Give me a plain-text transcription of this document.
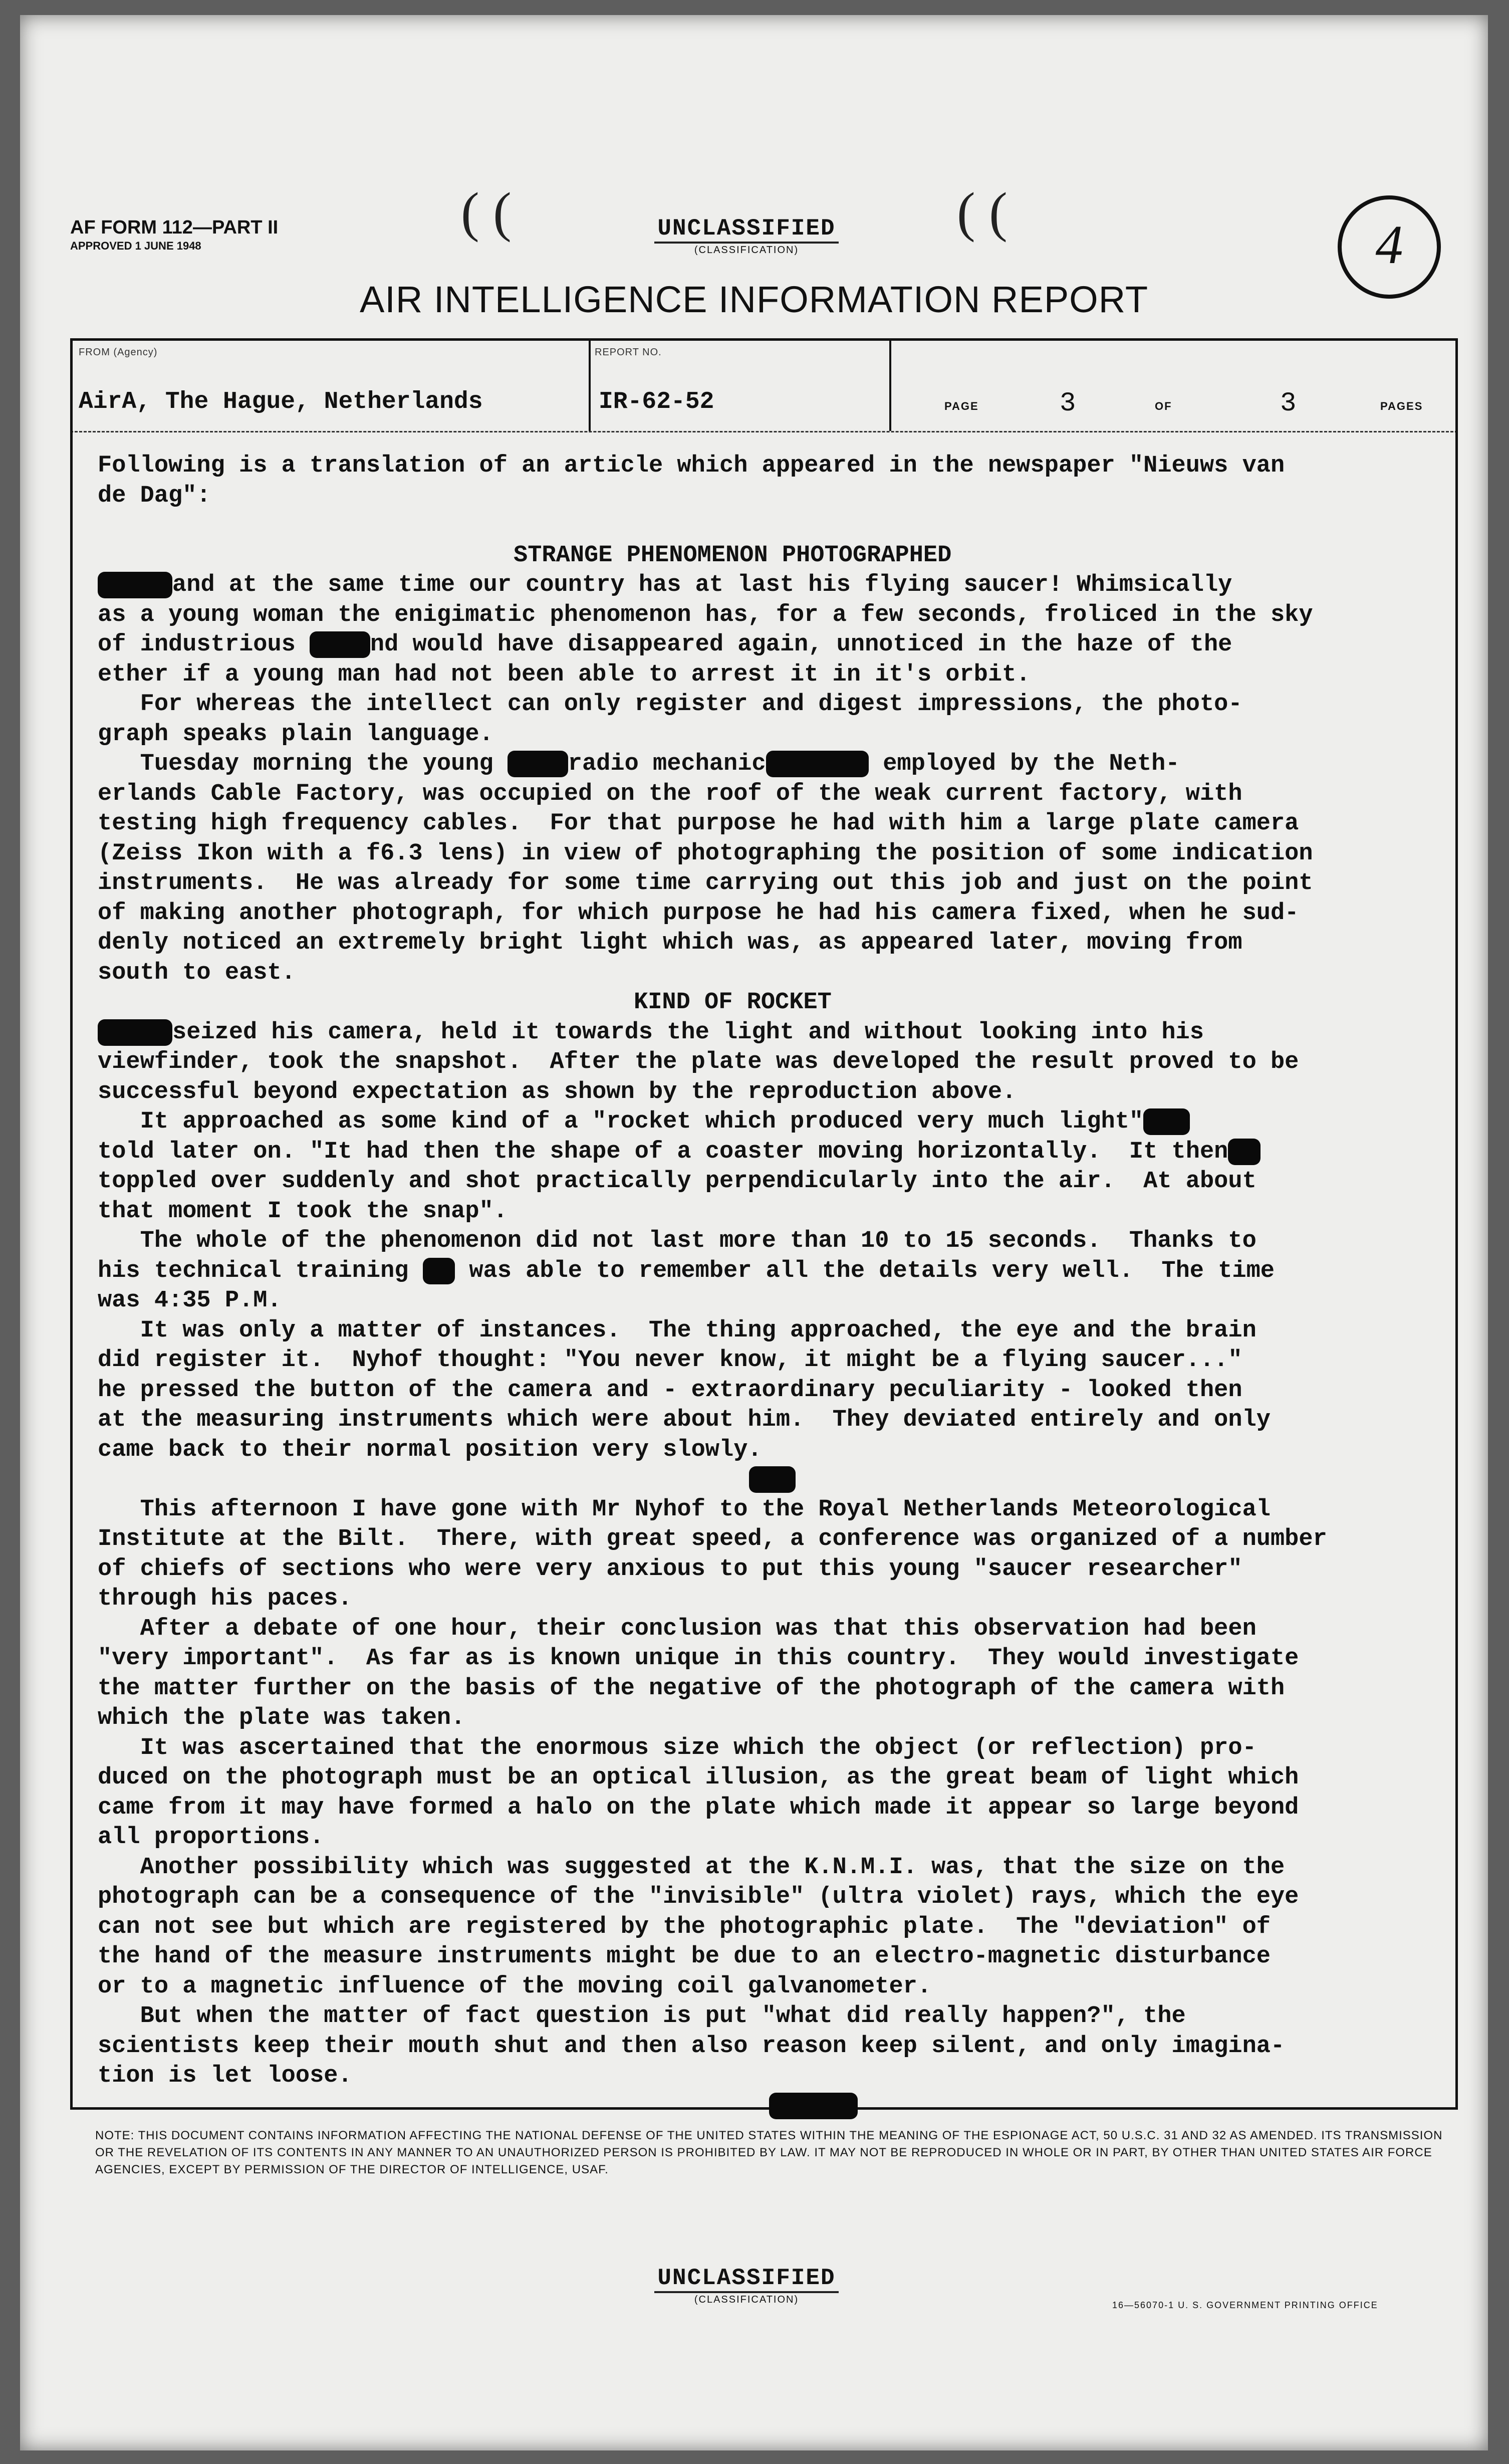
AF FORM 112—PART II
APPROVED 1 JUNE 1948
( (	( (
UNCLASSIFIED
(CLASSIFICATION)	4
AIR INTELLIGENCE INFORMATION REPORT
FROM (Agency)
AirA, The Hague, Netherlands
REPORT NO.
IR-62-52	PAGE	3	OF	3	PAGES
Following is a translation of an article which appeared in the newspaper "Nieuws van
de Dag":

STRANGE PHENOMENON PHOTOGRAPHED
▬▬▬▬▬and at the same time our country has at last his flying saucer! Whimsically
as a young woman the enigimatic phenomenon has, for a few seconds, froliced in the sky
of industrious ▬▬▬▬nd would have disappeared again, unnoticed in the haze of the
ether if a young man had not been able to arrest it in it's orbit.
For whereas the intellect can only register and digest impressions, the photo-
graph speaks plain language.
Tuesday morning the young ▬▬▬▬radio mechanic▬▬▬▬▬▬▬ employed by the Neth-
erlands Cable Factory, was occupied on the roof of the weak current factory, with
testing high frequency cables.  For that purpose he had with him a large plate camera
(Zeiss Ikon with a f6.3 lens) in view of photographing the position of some indication
instruments.  He was already for some time carrying out this job and just on the point
of making another photograph, for which purpose he had his camera fixed, when he sud-
denly noticed an extremely bright light which was, as appeared later, moving from
south to east.
KIND OF ROCKET
▬▬▬▬▬seized his camera, held it towards the light and without looking into his
viewfinder, took the snapshot.  After the plate was developed the result proved to be
successful beyond expectation as shown by the reproduction above.
It approached as some kind of a "rocket which produced very much light"▬▬▬
told later on. "It had then the shape of a coaster moving horizontally.  It then▬▬
toppled over suddenly and shot practically perpendicularly into the air.  At about
that moment I took the snap".
The whole of the phenomenon did not last more than 10 to 15 seconds.  Thanks to
his technical training ▬▬ was able to remember all the details very well.  The time
was 4:35 P.M.
It was only a matter of instances.  The thing approached, the eye and the brain
did register it.  Nyhof thought: "You never know, it might be a flying saucer..."
he pressed the button of the camera and - extraordinary peculiarity - looked then
at the measuring instruments which were about him.  They deviated entirely and only
came back to their normal position very slowly.
▬▬▬
This afternoon I have gone with Mr Nyhof to the Royal Netherlands Meteorological
Institute at the Bilt.  There, with great speed, a conference was organized of a number
of chiefs of sections who were very anxious to put this young "saucer researcher"
through his paces.
After a debate of one hour, their conclusion was that this observation had been
"very important".  As far as is known unique in this country.  They would investigate
the matter further on the basis of the negative of the photograph of the camera with
which the plate was taken.
It was ascertained that the enormous size which the object (or reflection) pro-
duced on the photograph must be an optical illusion, as the great beam of light which
came from it may have formed a halo on the plate which made it appear so large beyond
all proportions.
Another possibility which was suggested at the K.N.M.I. was, that the size on the
photograph can be a consequence of the "invisible" (ultra violet) rays, which the eye
can not see but which are registered by the photographic plate.  The "deviation" of
the hand of the measure instruments might be due to an electro-magnetic disturbance
or to a magnetic influence of the moving coil galvanometer.
But when the matter of fact question is put "what did really happen?", the
scientists keep their mouth shut and then also reason keep silent, and only imagina-
tion is let loose.
▬▬▬▬▬▬
NOTE: THIS DOCUMENT CONTAINS INFORMATION AFFECTING THE NATIONAL DEFENSE OF THE UNITED STATES WITHIN THE MEANING OF THE ESPIONAGE ACT, 50 U.S.C. 31 AND 32 AS AMENDED. ITS TRANSMISSION OR THE REVELATION OF ITS CONTENTS IN ANY MANNER TO AN UNAUTHORIZED PERSON IS PROHIBITED BY LAW. IT MAY NOT BE REPRODUCED IN WHOLE OR IN PART, BY OTHER THAN UNITED STATES AIR FORCE AGENCIES, EXCEPT BY PERMISSION OF THE DIRECTOR OF INTELLIGENCE, USAF.
UNCLASSIFIED
(CLASSIFICATION)	16—56070-1 U. S. GOVERNMENT PRINTING OFFICE
